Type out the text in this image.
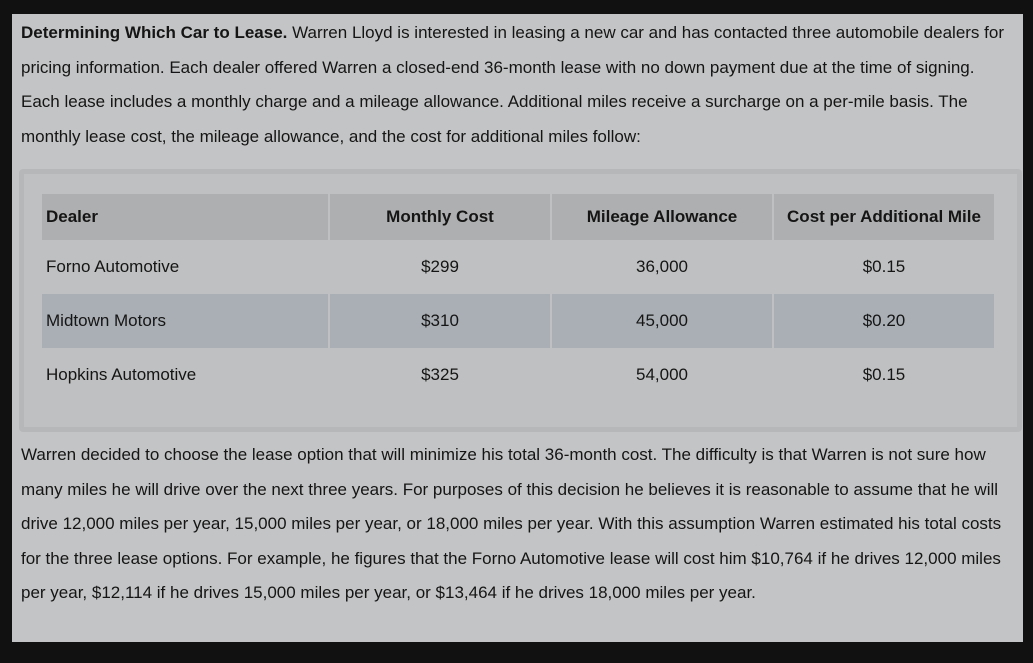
Determining Which Car to Lease. Warren Lloyd is interested in leasing a new car and has contacted three automobile dealers for pricing information. Each dealer offered Warren a closed-end 36-month lease with no down payment due at the time of signing. Each lease includes a monthly charge and a mileage allowance. Additional miles receive a surcharge on a per-mile basis. The monthly lease cost, the mileage allowance, and the cost for additional miles follow:

Dealer	Monthly Cost	Mileage Allowance	Cost per Additional Mile
Forno Automotive	$299	36,000	$0.15
Midtown Motors	$310	45,000	$0.20
Hopkins Automotive	$325	54,000	$0.15

Warren decided to choose the lease option that will minimize his total 36-month cost. The difficulty is that Warren is not sure how many miles he will drive over the next three years. For purposes of this decision he believes it is reasonable to assume that he will drive 12,000 miles per year, 15,000 miles per year, or 18,000 miles per year. With this assumption Warren estimated his total costs for the three lease options. For example, he figures that the Forno Automotive lease will cost him $10,764 if he drives 12,000 miles per year, $12,114 if he drives 15,000 miles per year, or $13,464 if he drives 18,000 miles per year.
